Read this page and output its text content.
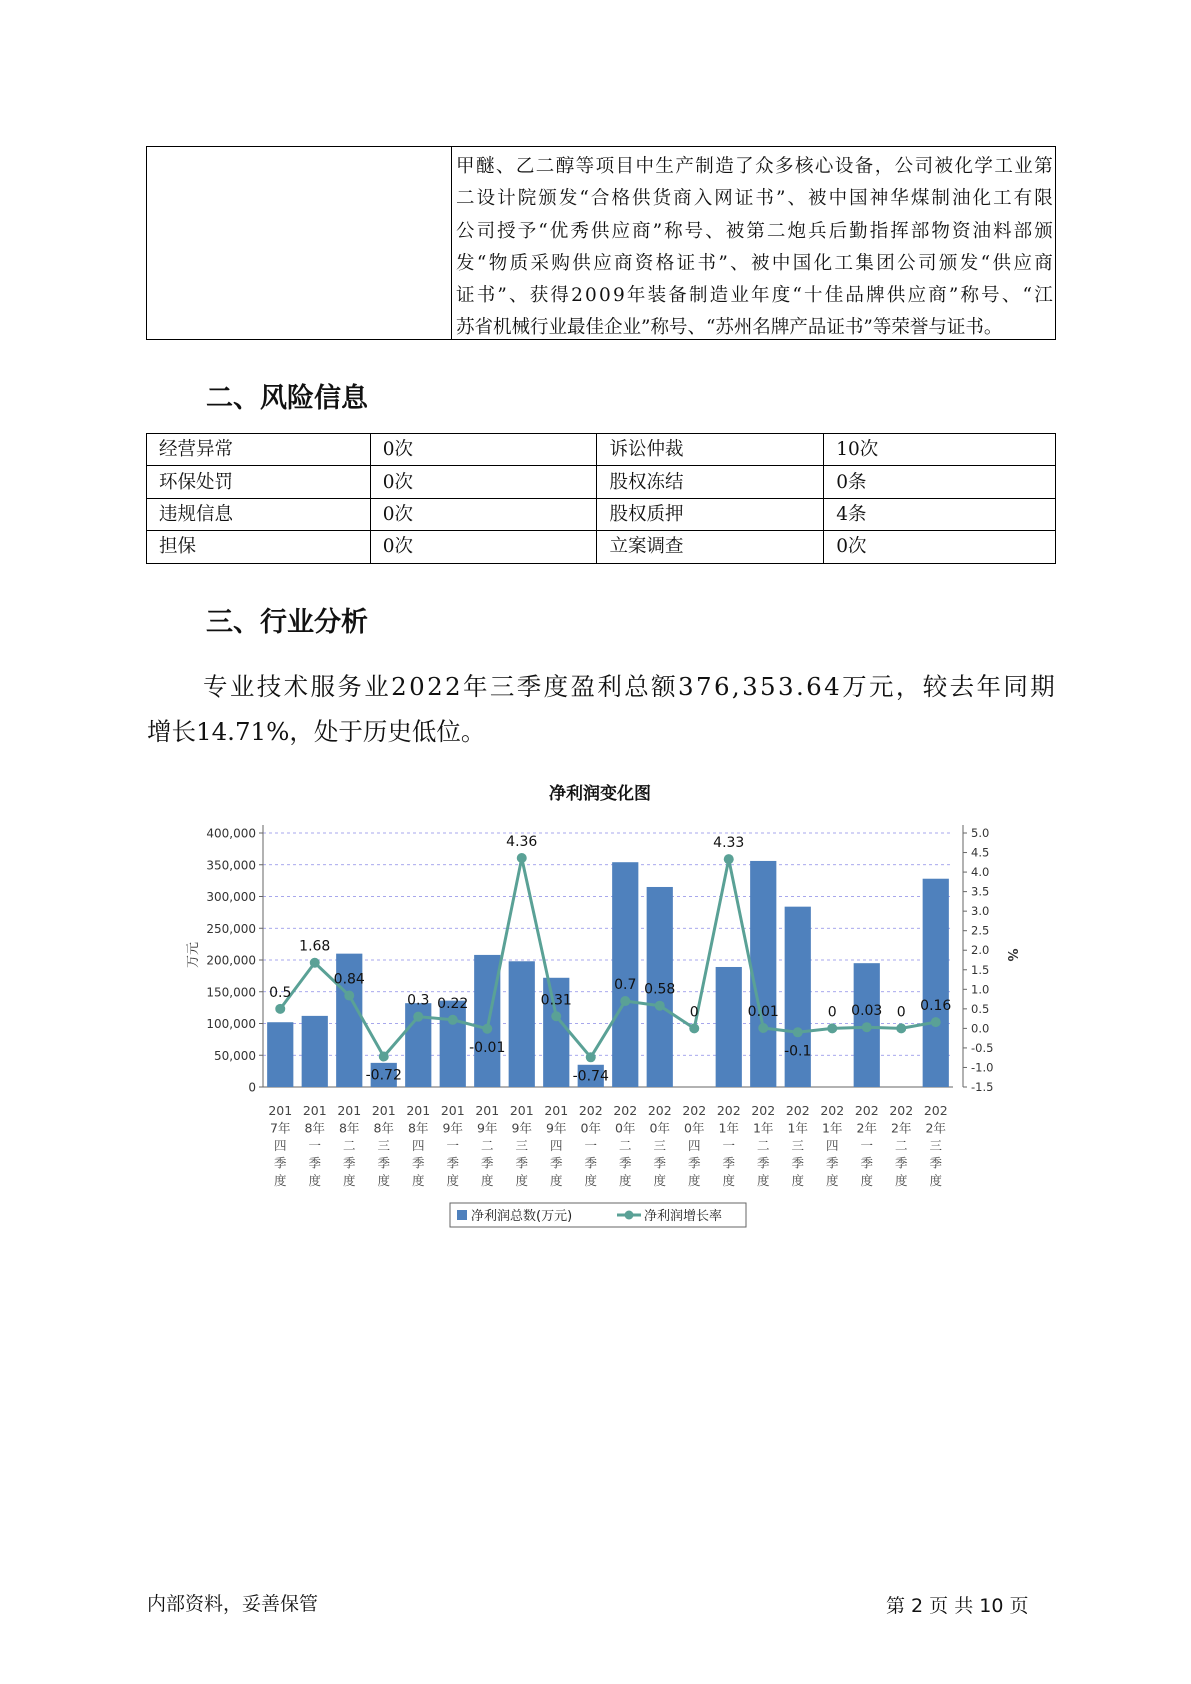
甲 醚 、 乙 二 醇 等 项 目 中 生 产 制 造 了 众 多 核 心 设 备 ， 公 司 被 化 学 工 业 第
二 设 计 院 颁 发 “ 合 格 供 货 商 入 网 证 书 ” 、 被 中 国 神 华 煤 制 油 化 工 有 限
公 司 授 予 “ 优 秀 供 应 商 ” 称 号 、 被 第 二 炮 兵 后 勤 指 挥 部 物 资 油 料 部 颁
发 “ 物 质 采 购 供 应 商 资 格 证 书 ” 、 被 中 国 化 工 集 团 公 司 颁 发 “ 供 应 商
证 书 ” 、 获 得 2 0 0 9 年 装 备 制 造 业 年 度 “ 十 佳 品 牌 供 应 商 ” 称 号 、 “ 江
苏省机械行业最佳企业”称号、“苏州名牌产品证书”等荣誉与证书。
二、风险信息
经营异常	0次	诉讼仲裁	10次
环保处罚	0次	股权冻结	0条
违规信息	0次	股权质押	4条
担保	0次	立案调查	0次
三、行业分析
专 业 技 术 服 务 业 2 0 2 2 年 三 季 度 盈 利 总 额 3 7 6 , 3 5 3 . 6 4 万 元 ， 较 去 年 同 期
增长14.71%，处于历史低位。
净利润变化图
400,000
350,000
300,000
250,000
200,000
150,000
100,000
50,000
0
5.0
4.5
4.0
3.5
3.0
2.5
2.0
1.5
1.0
0.5
0.0
-0.5
-1.0
-1.5
万元	%
0.5
1.68
0.84
-0.72
0.3 0.22
-0.01
4.36
0.31
-0.74
0.7 0.58
0
4.33
0.01
-0.1
0 0.03 0 0.16
201
7年
四
季
度
201
8年
一
季
度
201
8年
二
季
度
201
8年
三
季
度
201
8年
四
季
度
201
9年
一
季
度
201
9年
二
季
度
201
9年
三
季
度
201
9年
四
季
度
202
0年
一
季
度
202
0年
二
季
度
202
0年
三
季
度
202
0年
四
季
度
202
1年
一
季
度
202
1年
二
季
度
202
1年
三
季
度
202
1年
四
季
度
202
2年
一
季
度
202
2年
二
季
度
202
2年
三
季
度
净利润总数(万元)	净利润增长率
内部资料，妥善保管	第 2 页 共 10 页
